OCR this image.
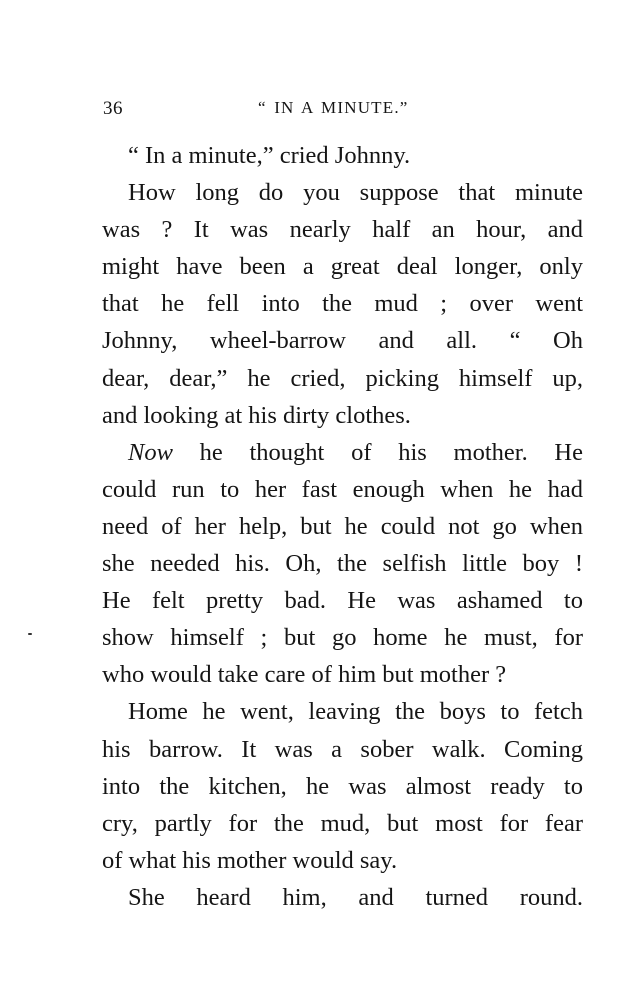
36	“ IN A MINUTE.”
“ In a minute,” cried Johnny.
How long do you suppose that minute
was ? It was nearly half an hour, and
might have been a great deal longer, only
that he fell into the mud ; over went
Johnny, wheel-barrow and all. “ Oh
dear, dear,” he cried, picking himself up,
and looking at his dirty clothes.
Now he thought of his mother. He
could run to her fast enough when he had
need of her help, but he could not go when
she needed his. Oh, the selfish little boy !
He felt pretty bad. He was ashamed to
show himself ; but go home he must, for
who would take care of him but mother ?
Home he went, leaving the boys to fetch
his barrow. It was a sober walk. Coming
into the kitchen, he was almost ready to
cry, partly for the mud, but most for fear
of what his mother would say.
She heard him, and turned round.
